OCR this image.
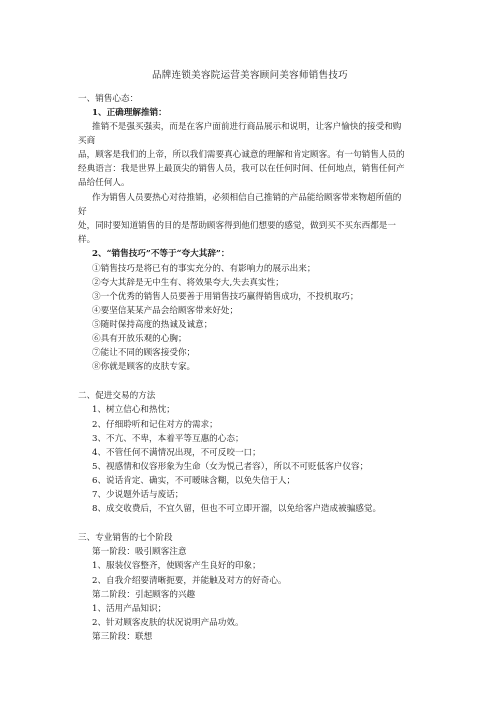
品牌连锁美容院运营美容顾问美容师销售技巧
一、销售心态：
1、正确理解推销：
推销不是强买强卖，而是在客户面前进行商品展示和说明，让客户愉快的接受和购
买商
品，顾客是我们的上帝，所以我们需要真心诚意的理解和肯定顾客。有一句销售人员的
经典语言：我是世界上最顶尖的销售人员，我可以在任何时间、任何地点，销售任何产
品给任何人。
作为销售人员要热心对待推销，必须相信自己推销的产品能给顾客带来物超所值的
好
处，同时要知道销售的目的是帮助顾客得到他们想要的感觉，做到买不买东西都是一
样。
2、“销售技巧”不等于“夸大其辞”：
①销售技巧是将已有的事实充分的、有影响力的展示出来；
②夸大其辞是无中生有、将效果夸大,失去真实性；
③一个优秀的销售人员要善于用销售技巧赢得销售成功，不投机取巧；
④要坚信某某产品会给顾客带来好处；
⑤随时保持高度的热诚及诚意；
⑥具有开放乐观的心胸；
⑦能让不同的顾客接受你；
⑧你就是顾客的皮肤专家。
二、促进交易的方法
1、树立信心和热忱；
2、仔细聆听和记住对方的需求；
3、不亢、不卑，本着平等互惠的心态；
4、不管任何不满情况出现，不可反咬一口；
5、视感情和仪容形象为生命（女为悦己者容），所以不可贬低客户仪容；
6、说话肯定、确实，不可暧昧含糊，以免失信于人；
7、少说题外话与废话；
8、成交收费后，不宜久留，但也不可立即开溜，以免给客户造成被骗感觉。
三、专业销售的七个阶段
第一阶段：吸引顾客注意
1、服装仪容整齐，使顾客产生良好的印象；
2、自我介绍要清晰扼要，并能触及对方的好奇心。
第二阶段：引起顾客的兴趣
1、活用产品知识；
2、针对顾客皮肤的状况说明产品功效。
第三阶段：联想
